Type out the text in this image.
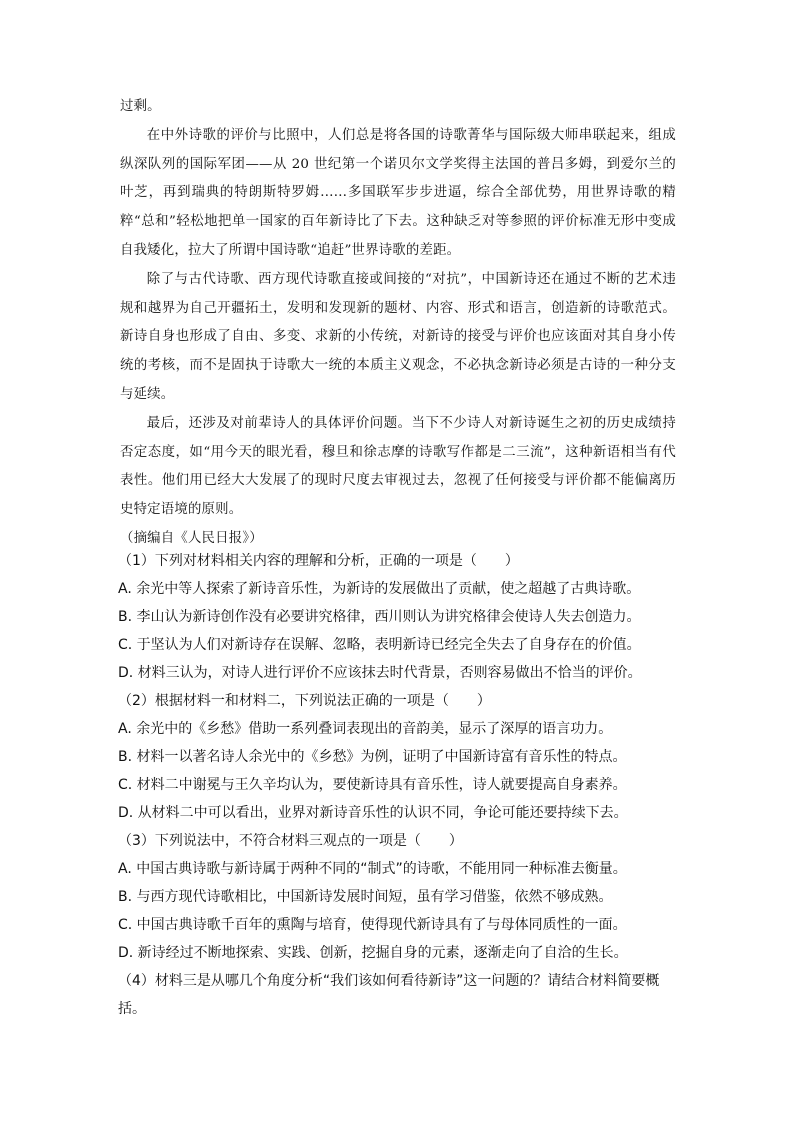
过剩。

在中外诗歌的评价与比照中，人们总是将各国的诗歌菁华与国际级大师串联起来，组成纵深队列的国际军团——从 20 世纪第一个诺贝尔文学奖得主法国的普吕多姆，到爱尔兰的叶芝，再到瑞典的特朗斯特罗姆……多国联军步步进逼，综合全部优势，用世界诗歌的精粹“总和”轻松地把单一国家的百年新诗比了下去。这种缺乏对等参照的评价标准无形中变成自我矮化，拉大了所谓中国诗歌“追赶”世界诗歌的差距。

除了与古代诗歌、西方现代诗歌直接或间接的“对抗”，中国新诗还在通过不断的艺术违规和越界为自己开疆拓土，发明和发现新的题材、内容、形式和语言，创造新的诗歌范式。新诗自身也形成了自由、多变、求新的小传统，对新诗的接受与评价也应该面对其自身小传统的考核，而不是固执于诗歌大一统的本质主义观念，不必执念新诗必须是古诗的一种分支与延续。

最后，还涉及对前辈诗人的具体评价问题。当下不少诗人对新诗诞生之初的历史成绩持否定态度，如“用今天的眼光看，穆旦和徐志摩的诗歌写作都是二三流”，这种新语相当有代表性。他们用已经大大发展了的现时尺度去审视过去，忽视了任何接受与评价都不能偏离历史特定语境的原则。

（摘编自《人民日报》）

（1）下列对材料相关内容的理解和分析，正确的一项是（　　）

A. 余光中等人探索了新诗音乐性，为新诗的发展做出了贡献，使之超越了古典诗歌。

B. 李山认为新诗创作没有必要讲究格律，西川则认为讲究格律会使诗人失去创造力。

C. 于坚认为人们对新诗存在误解、忽略，表明新诗已经完全失去了自身存在的价值。

D. 材料三认为，对诗人进行评价不应该抹去时代背景，否则容易做出不恰当的评价。

（2）根据材料一和材料二，下列说法正确的一项是（　　）

A. 余光中的《乡愁》借助一系列叠词表现出的音韵美，显示了深厚的语言功力。

B. 材料一以著名诗人余光中的《乡愁》为例，证明了中国新诗富有音乐性的特点。

C. 材料二中谢冕与王久辛均认为，要使新诗具有音乐性，诗人就要提高自身素养。

D. 从材料二中可以看出，业界对新诗音乐性的认识不同，争论可能还要持续下去。

（3）下列说法中，不符合材料三观点的一项是（　　）

A. 中国古典诗歌与新诗属于两种不同的“制式”的诗歌，不能用同一种标准去衡量。

B. 与西方现代诗歌相比，中国新诗发展时间短，虽有学习借鉴，依然不够成熟。

C. 中国古典诗歌千百年的熏陶与培育，使得现代新诗具有了与母体同质性的一面。

D. 新诗经过不断地探索、实践、创新，挖掘自身的元素，逐渐走向了自洽的生长。

（4）材料三是从哪几个角度分析“我们该如何看待新诗”这一问题的？请结合材料简要概括。
